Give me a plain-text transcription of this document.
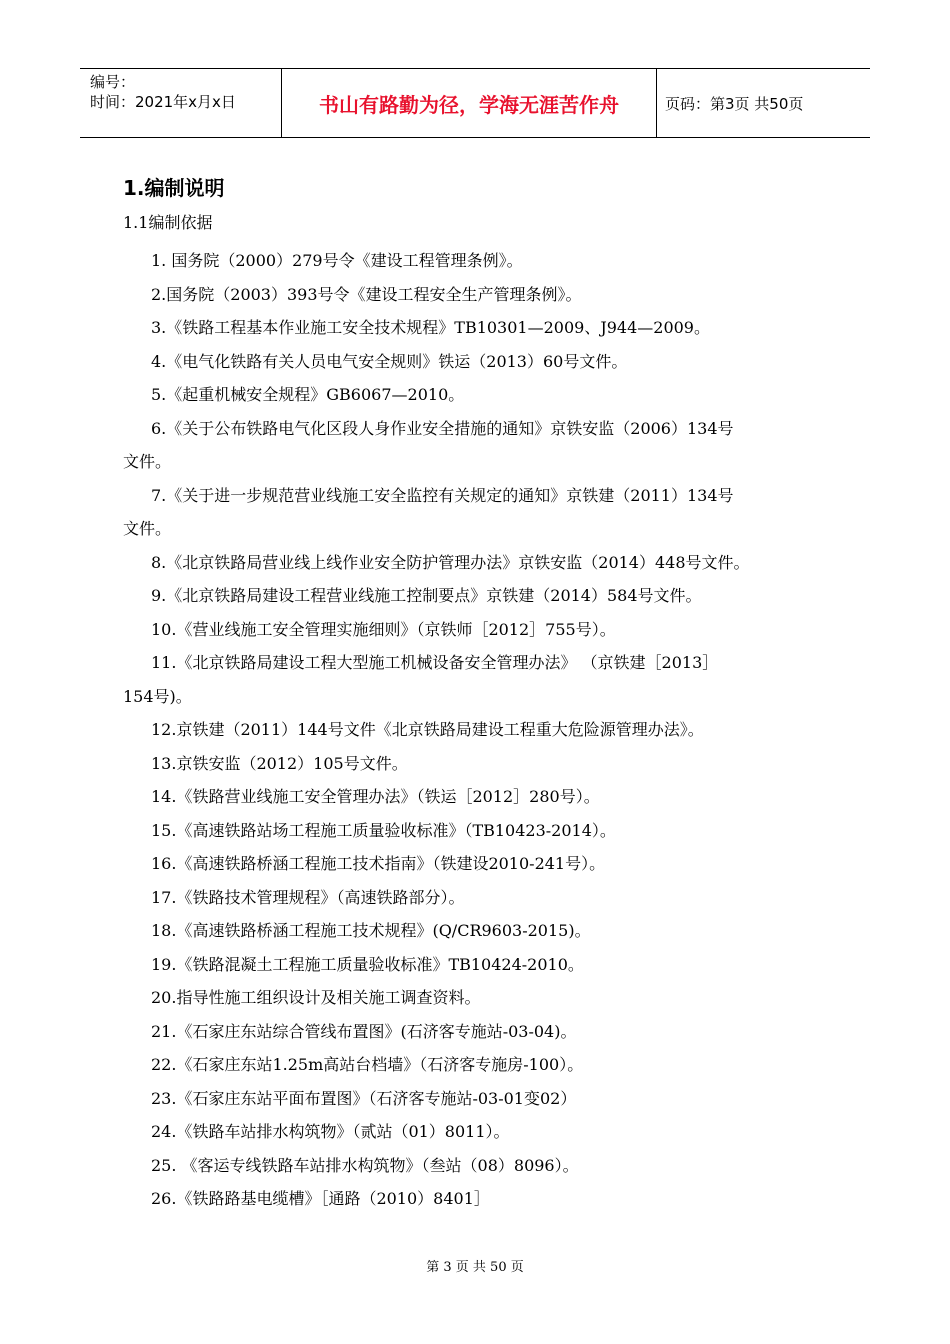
编号：
时间：2021年x月x日	书山有路勤为径，学海无涯苦作舟	页码：第3页 共50页
1.编制说明
1.1编制依据
1. 国务院（2000）279号令《建设工程管理条例》。
2.国务院（2003）393号令《建设工程安全生产管理条例》。
3.《铁路工程基本作业施工安全技术规程》TB10301—2009、J944—2009。
4.《电气化铁路有关人员电气安全规则》铁运（2013）60号文件。
5.《起重机械安全规程》GB6067—2010。
6.《关于公布铁路电气化区段人身作业安全措施的通知》京铁安监（2006）134号
文件。
7.《关于进一步规范营业线施工安全监控有关规定的通知》京铁建（2011）134号
文件。
8.《北京铁路局营业线上线作业安全防护管理办法》京铁安监（2014）448号文件。
9.《北京铁路局建设工程营业线施工控制要点》京铁建（2014）584号文件。
10.《营业线施工安全管理实施细则》（京铁师［2012］755号）。
11.《北京铁路局建设工程大型施工机械设备安全管理办法》 （京铁建［2013］
154号)。
12.京铁建（2011）144号文件《北京铁路局建设工程重大危险源管理办法》。
13.京铁安监（2012）105号文件。
14.《铁路营业线施工安全管理办法》（铁运［2012］280号）。
15.《高速铁路站场工程施工质量验收标准》（TB10423-2014）。
16.《高速铁路桥涵工程施工技术指南》（铁建设2010-241号）。
17.《铁路技术管理规程》（高速铁路部分）。
18.《高速铁路桥涵工程施工技术规程》(Q/CR9603-2015)。
19.《铁路混凝土工程施工质量验收标准》TB10424-2010。
20.指导性施工组织设计及相关施工调查资料。
21.《石家庄东站综合管线布置图》(石济客专施站-03-04)。
22.《石家庄东站1.25m高站台档墙》（石济客专施房-100）。
23.《石家庄东站平面布置图》（石济客专施站-03-01变02）
24.《铁路车站排水构筑物》（贰站（01）8011）。
25. 《客运专线铁路车站排水构筑物》（叁站（08）8096）。
26.《铁路路基电缆槽》［通路（2010）8401］
第 3 页 共 50 页
